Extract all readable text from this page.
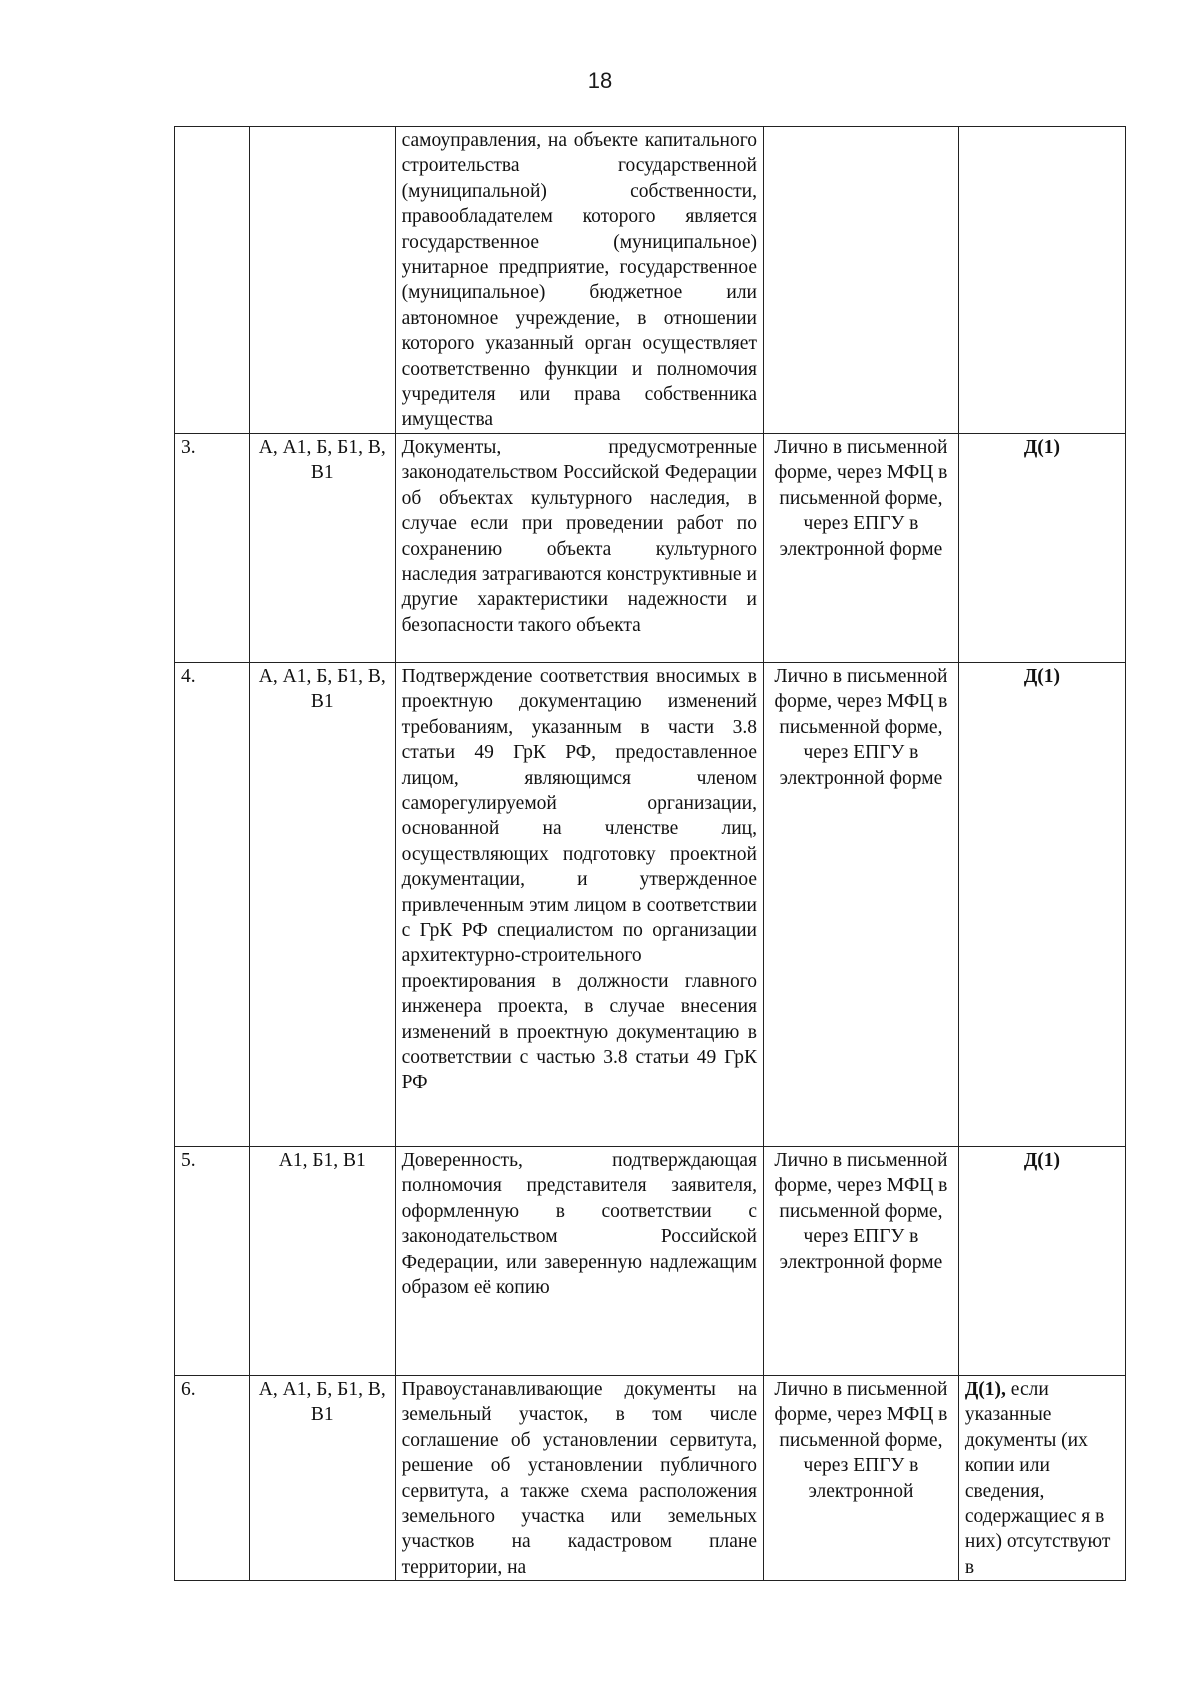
18
		самоуправления, на объекте капитального строительства государственной (муниципальной) собственности, правообладателем которого является государственное (муниципальное) унитарное предприятие, государственное (муниципальное) бюджетное или автономное учреждение, в отношении которого указанный орган осуществляет соответственно функции и полномочия учредителя или права собственника имущества		
3.	А, А1, Б, Б1, В, В1	Документы, предусмотренные законодательством Российской Федерации об объектах культурного наследия, в случае если при проведении работ по сохранению объекта культурного наследия затрагиваются конструктивные и другие характеристики надежности и безопасности такого объекта	Лично в письменной форме, через МФЦ в письменной форме, через ЕПГУ в электронной форме	Д(1)
4.	А, А1, Б, Б1, В, В1	Подтверждение соответствия вносимых в проектную документацию изменений требованиям, указанным в части 3.8 статьи 49 ГрК РФ, предоставленное лицом, являющимся членом саморегулируемой организации, основанной на членстве лиц, осуществляющих подготовку проектной документации, и утвержденное привлеченным этим лицом в соответствии с ГрК РФ специалистом по организации архитектурно-строительного проектирования в должности главного инженера проекта, в случае внесения изменений в проектную документацию в соответствии с частью 3.8 статьи 49 ГрК РФ	Лично в письменной форме, через МФЦ в письменной форме, через ЕПГУ в электронной форме	Д(1)
5.	А1, Б1, В1	Доверенность, подтверждающая полномочия представителя заявителя, оформленную в соответствии с законодательством Российской Федерации, или заверенную надлежащим образом её копию	Лично в письменной форме, через МФЦ в письменной форме, через ЕПГУ в электронной форме	Д(1)
6.	А, А1, Б, Б1, В, В1	Правоустанавливающие документы на земельный участок, в том числе соглашение об установлении сервитута, решение об установлении публичного сервитута, а также схема расположения земельного участка или земельных участков на кадастровом плане территории, на	Лично в письменной форме, через МФЦ в письменной форме, через ЕПГУ в электронной	Д(1), если указанные документы (их копии или сведения, содержащиес я в них) отсутствуют в
